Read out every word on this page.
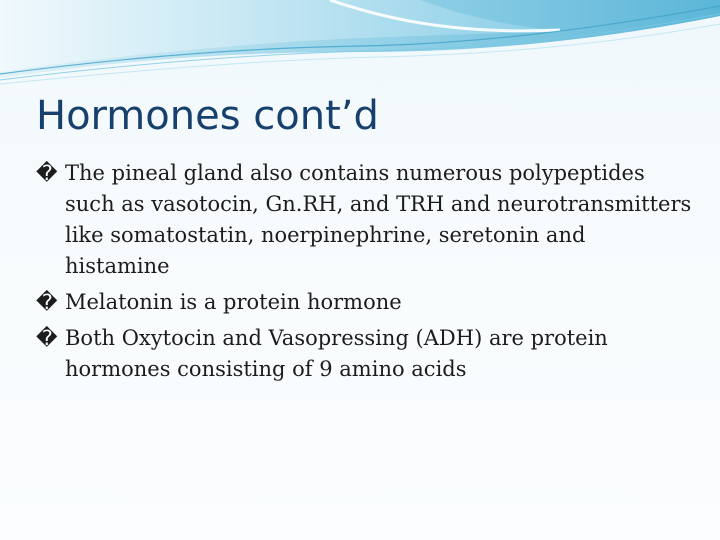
Hormones cont’d
� The pineal gland also contains numerous polypeptides such as vasotocin, Gn.RH, and TRH and neurotransmitters like somatostatin, noerpinephrine, seretonin and histamine
� Melatonin is a protein hormone
� Both Oxytocin and Vasopressing (ADH) are protein hormones consisting of 9 amino acids
